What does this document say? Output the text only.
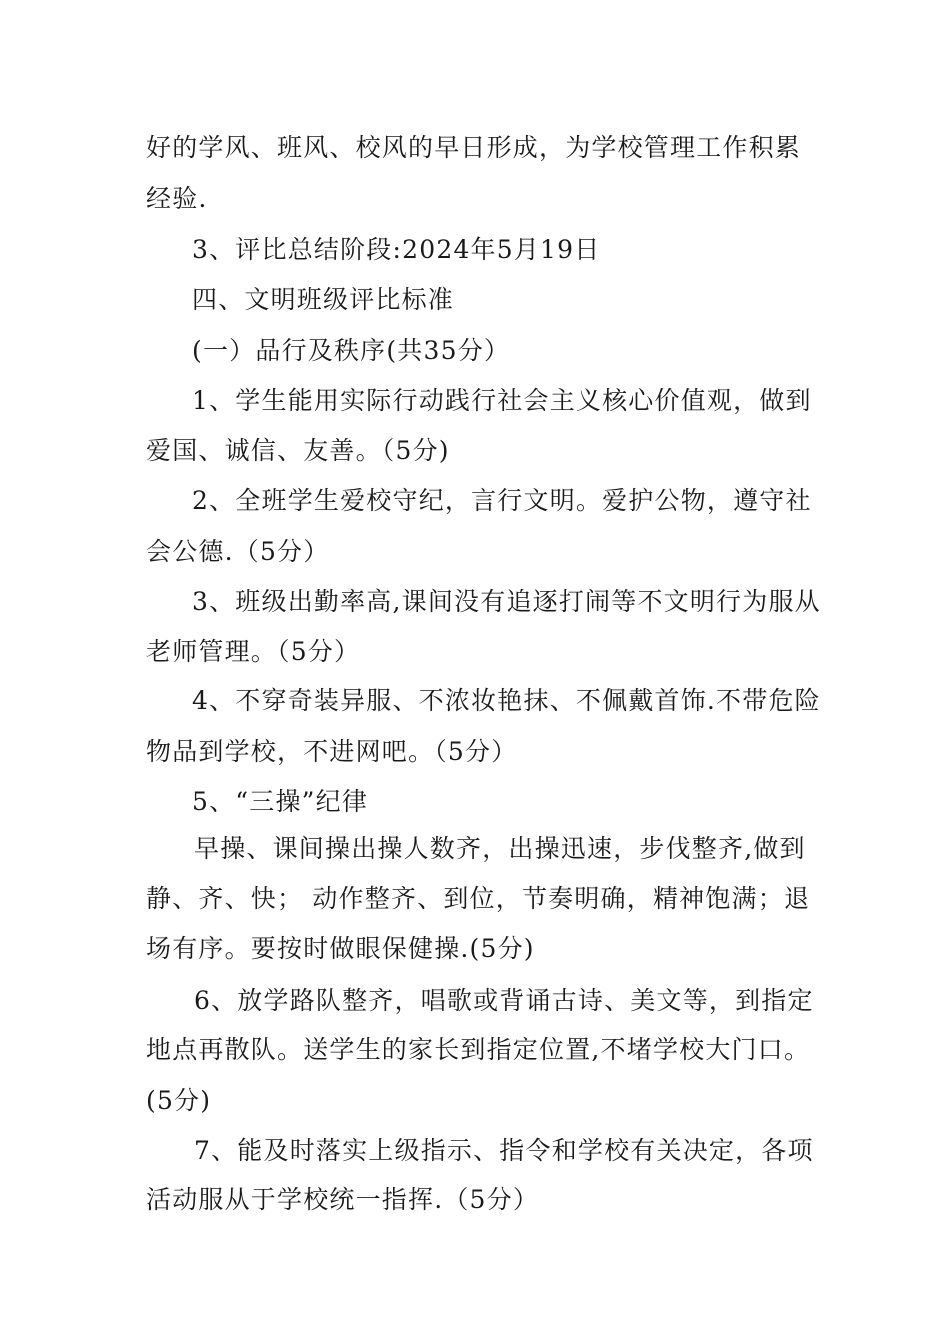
好的学风、班风、校风的早日形成，为学校管理工作积累
经验.
3、评比总结阶段:2024年5月19日
四、文明班级评比标准
(一）品行及秩序(共35分）
1、学生能用实际行动践行社会主义核心价值观，做到
爱国、诚信、友善。（5分)
2、全班学生爱校守纪，言行文明。爱护公物，遵守社
会公德.（5分）
3、班级出勤率高,课间没有追逐打闹等不文明行为服从
老师管理。（5分）
4、不穿奇装异服、不浓妆艳抹、不佩戴首饰.不带危险
物品到学校，不进网吧。（5分）
5、“三操”纪律
早操、课间操出操人数齐，出操迅速，步伐整齐,做到
静、齐、快； 动作整齐、到位，节奏明确，精神饱满；退
场有序。要按时做眼保健操.(5分)
6、放学路队整齐，唱歌或背诵古诗、美文等，到指定
地点再散队。送学生的家长到指定位置,不堵学校大门口。
(5分)
7、能及时落实上级指示、指令和学校有关决定，各项
活动服从于学校统一指挥.（5分）
